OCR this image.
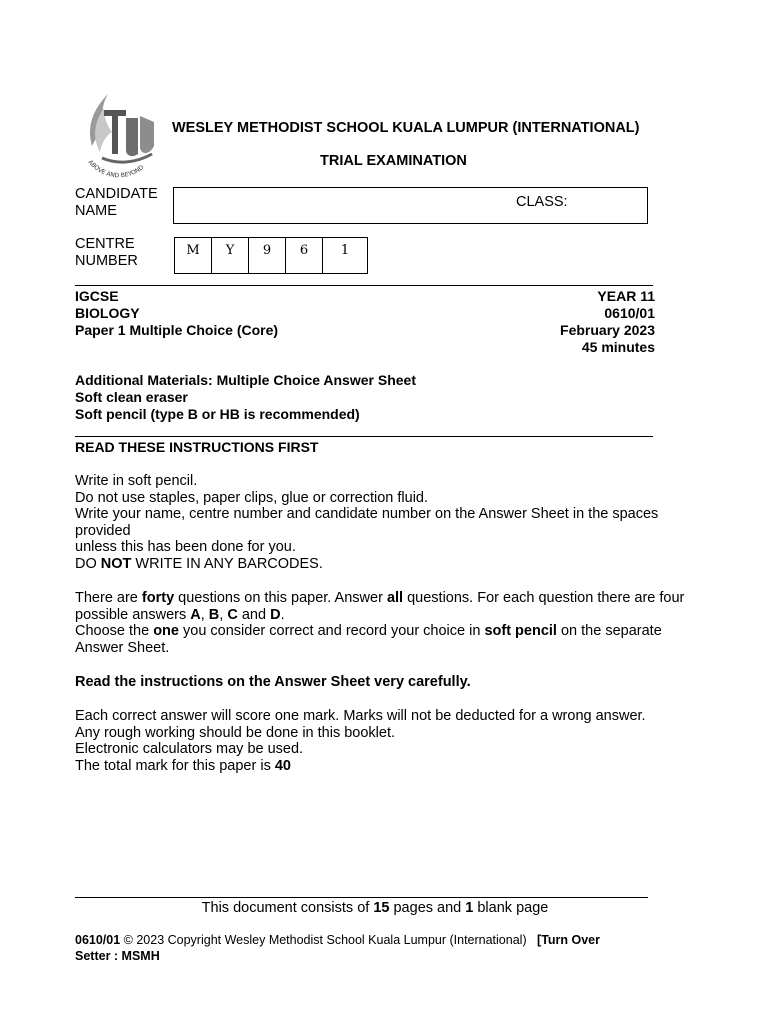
ABOVE AND BEYOND
WESLEY METHODIST SCHOOL KUALA LUMPUR (INTERNATIONAL)
TRIAL EXAMINATION
CANDIDATE
NAME
CLASS:
CENTRE
NUMBER
M	Y	9	6	1
IGCSE
BIOLOGY
Paper 1 Multiple Choice (Core)
YEAR 11
0610/01
February 2023
45 minutes
Additional Materials: Multiple Choice Answer Sheet
Soft clean eraser
Soft pencil (type B or HB is recommended)
READ THESE INSTRUCTIONS FIRST

Write in soft pencil.

Do not use staples, paper clips, glue or correction fluid.

Write your name, centre number and candidate number on the Answer Sheet in the spaces provided

unless this has been done for you.

DO NOT WRITE IN ANY BARCODES.

There are forty questions on this paper. Answer all questions. For each question there are four possible answers A, B, C and D.

Choose the one you consider correct and record your choice in soft pencil on the separate Answer Sheet.

Read the instructions on the Answer Sheet very carefully.

Each correct answer will score one mark. Marks will not be deducted for a wrong answer.

Any rough working should be done in this booklet.

Electronic calculators may be used.

The total mark for this paper is 40

This document consists of 15 pages and 1 blank page
0610/01 © 2023 Copyright Wesley Methodist School Kuala Lumpur (International) [Turn Over
Setter : MSMH
